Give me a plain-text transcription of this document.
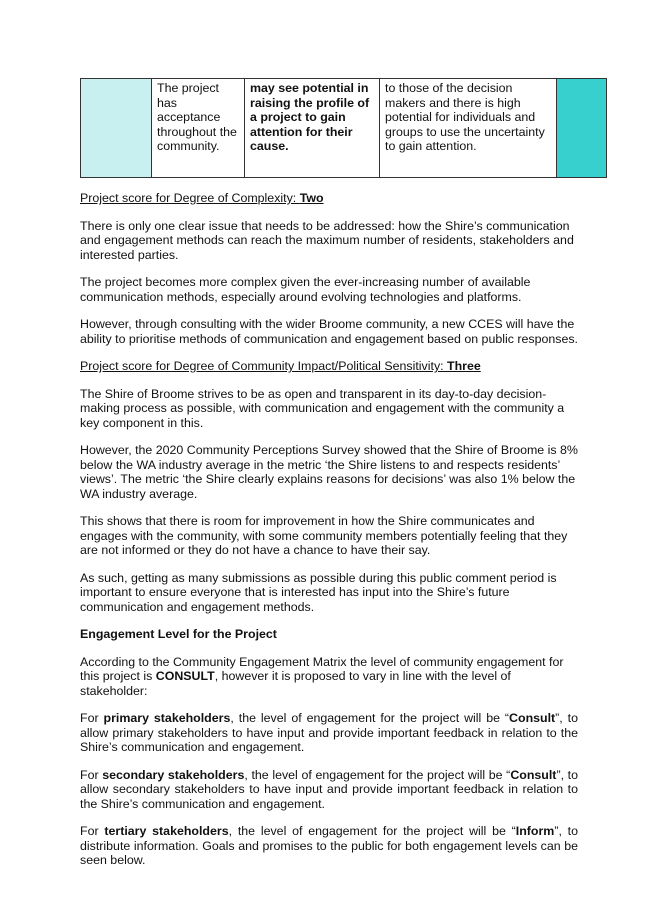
	The project has acceptance throughout the community.	may see potential in raising the profile of a project to gain attention for their cause.	to those of the decision makers and there is high potential for individuals and groups to use the uncertainty to gain attention.	

Project score for Degree of Complexity: Two

There is only one clear issue that needs to be addressed: how the Shire’s communication and engagement methods can reach the maximum number of residents, stakeholders and interested parties.

The project becomes more complex given the ever-increasing number of available communication methods, especially around evolving technologies and platforms.

However, through consulting with the wider Broome community, a new CCES will have the ability to prioritise methods of communication and engagement based on public responses.

Project score for Degree of Community Impact/Political Sensitivity: Three

The Shire of Broome strives to be as open and transparent in its day-to-day decision-making process as possible, with communication and engagement with the community a key component in this.

However, the 2020 Community Perceptions Survey showed that the Shire of Broome is 8% below the WA industry average in the metric ‘the Shire listens to and respects residents’ views’. The metric ‘the Shire clearly explains reasons for decisions’ was also 1% below the WA industry average.

This shows that there is room for improvement in how the Shire communicates and engages with the community, with some community members potentially feeling that they are not informed or they do not have a chance to have their say.

As such, getting as many submissions as possible during this public comment period is important to ensure everyone that is interested has input into the Shire’s future communication and engagement methods.

Engagement Level for the Project

According to the Community Engagement Matrix the level of community engagement for this project is CONSULT, however it is proposed to vary in line with the level of stakeholder:

For primary stakeholders, the level of engagement for the project will be “Consult”, to allow primary stakeholders to have input and provide important feedback in relation to the Shire’s communication and engagement.

For secondary stakeholders, the level of engagement for the project will be “Consult”, to allow secondary stakeholders to have input and provide important feedback in relation to the Shire’s communication and engagement.

For tertiary stakeholders, the level of engagement for the project will be “Inform”, to distribute information. Goals and promises to the public for both engagement levels can be seen below.
